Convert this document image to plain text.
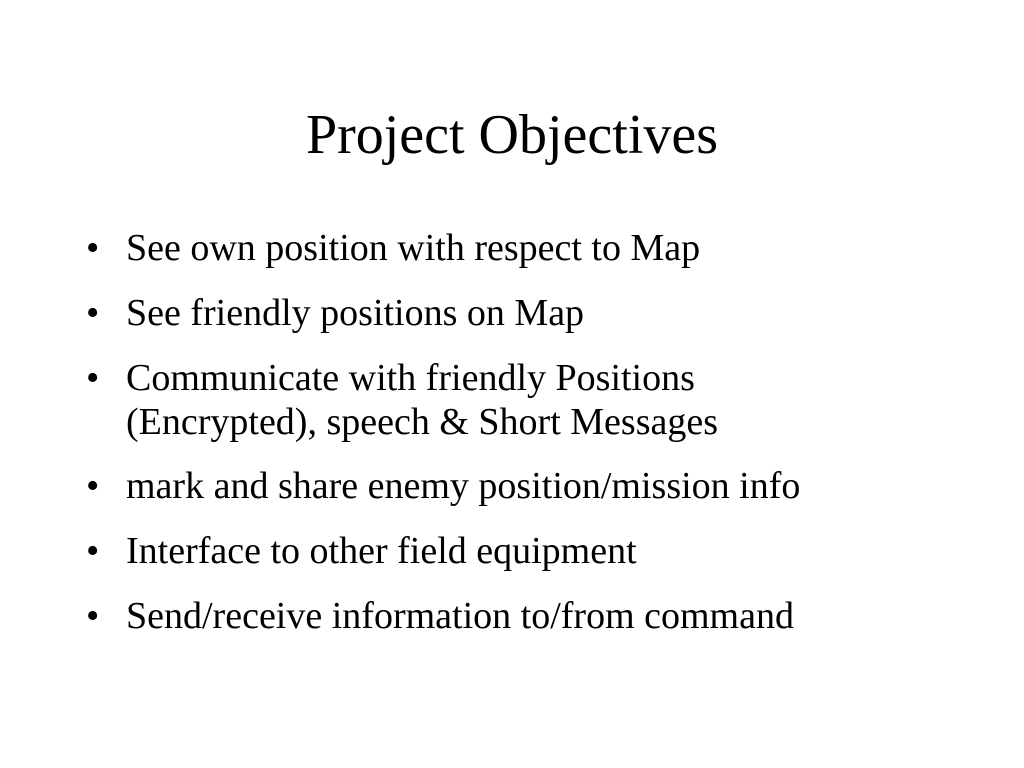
Project Objectives
• See own position with respect to Map
• See friendly positions on Map
• Communicate with friendly Positions (Encrypted), speech & Short Messages
• mark and share enemy position/mission info
• Interface to other field equipment
• Send/receive information to/from command
